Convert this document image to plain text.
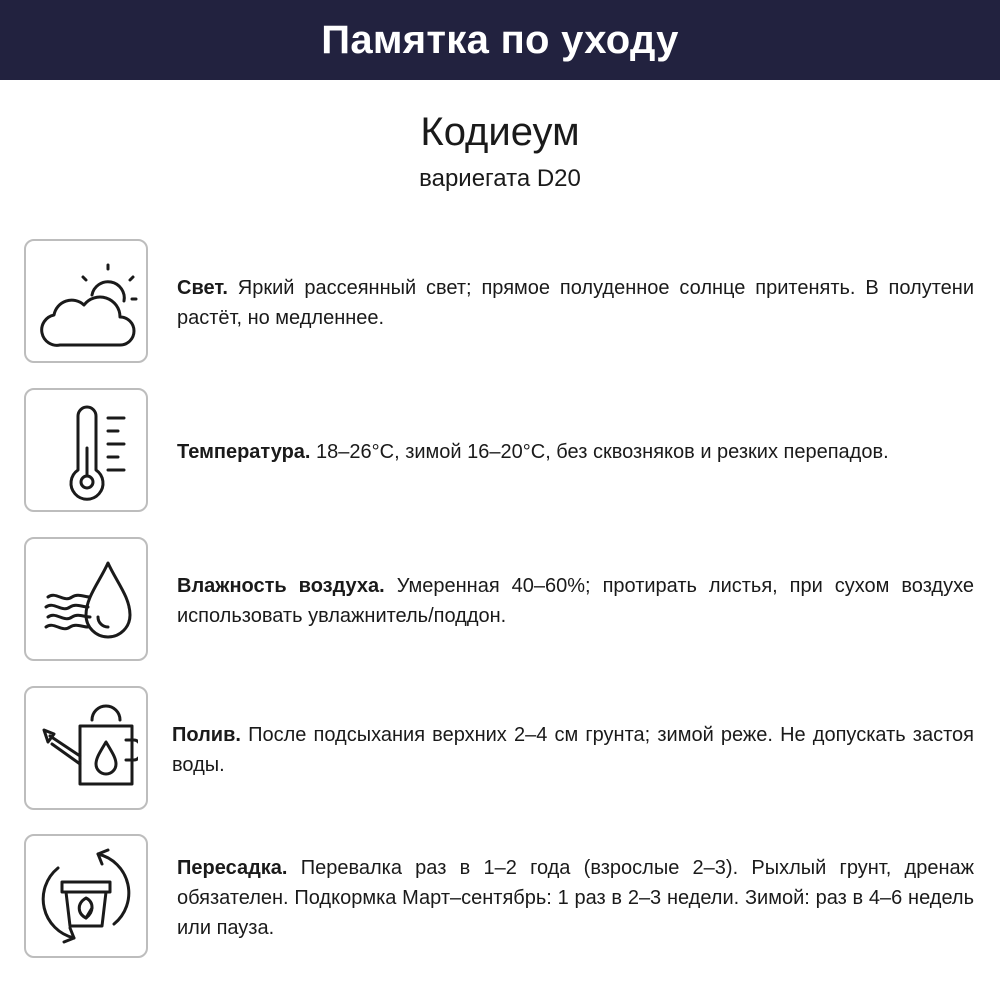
Памятка по уходу
Кодиеум
вариегата D20
Свет. Яркий рассеянный свет; прямое полуденное солнце притенять. В полутени растёт, но медленнее.
Температура. 18–26°C, зимой 16–20°C, без сквозняков и резких перепадов.
Влажность воздуха. Умеренная 40–60%; протирать листья, при сухом воздухе использовать увлажнитель/поддон.
Полив. После подсыхания верхних 2–4 см грунта; зимой реже. Не допускать застоя воды.
Пересадка. Перевалка раз в 1–2 года (взрослые 2–3). Рыхлый грунт, дренаж обязателен. Подкормка Март–сентябрь: 1 раз в 2–3 недели. Зимой: раз в 4–6 недель или пауза.
